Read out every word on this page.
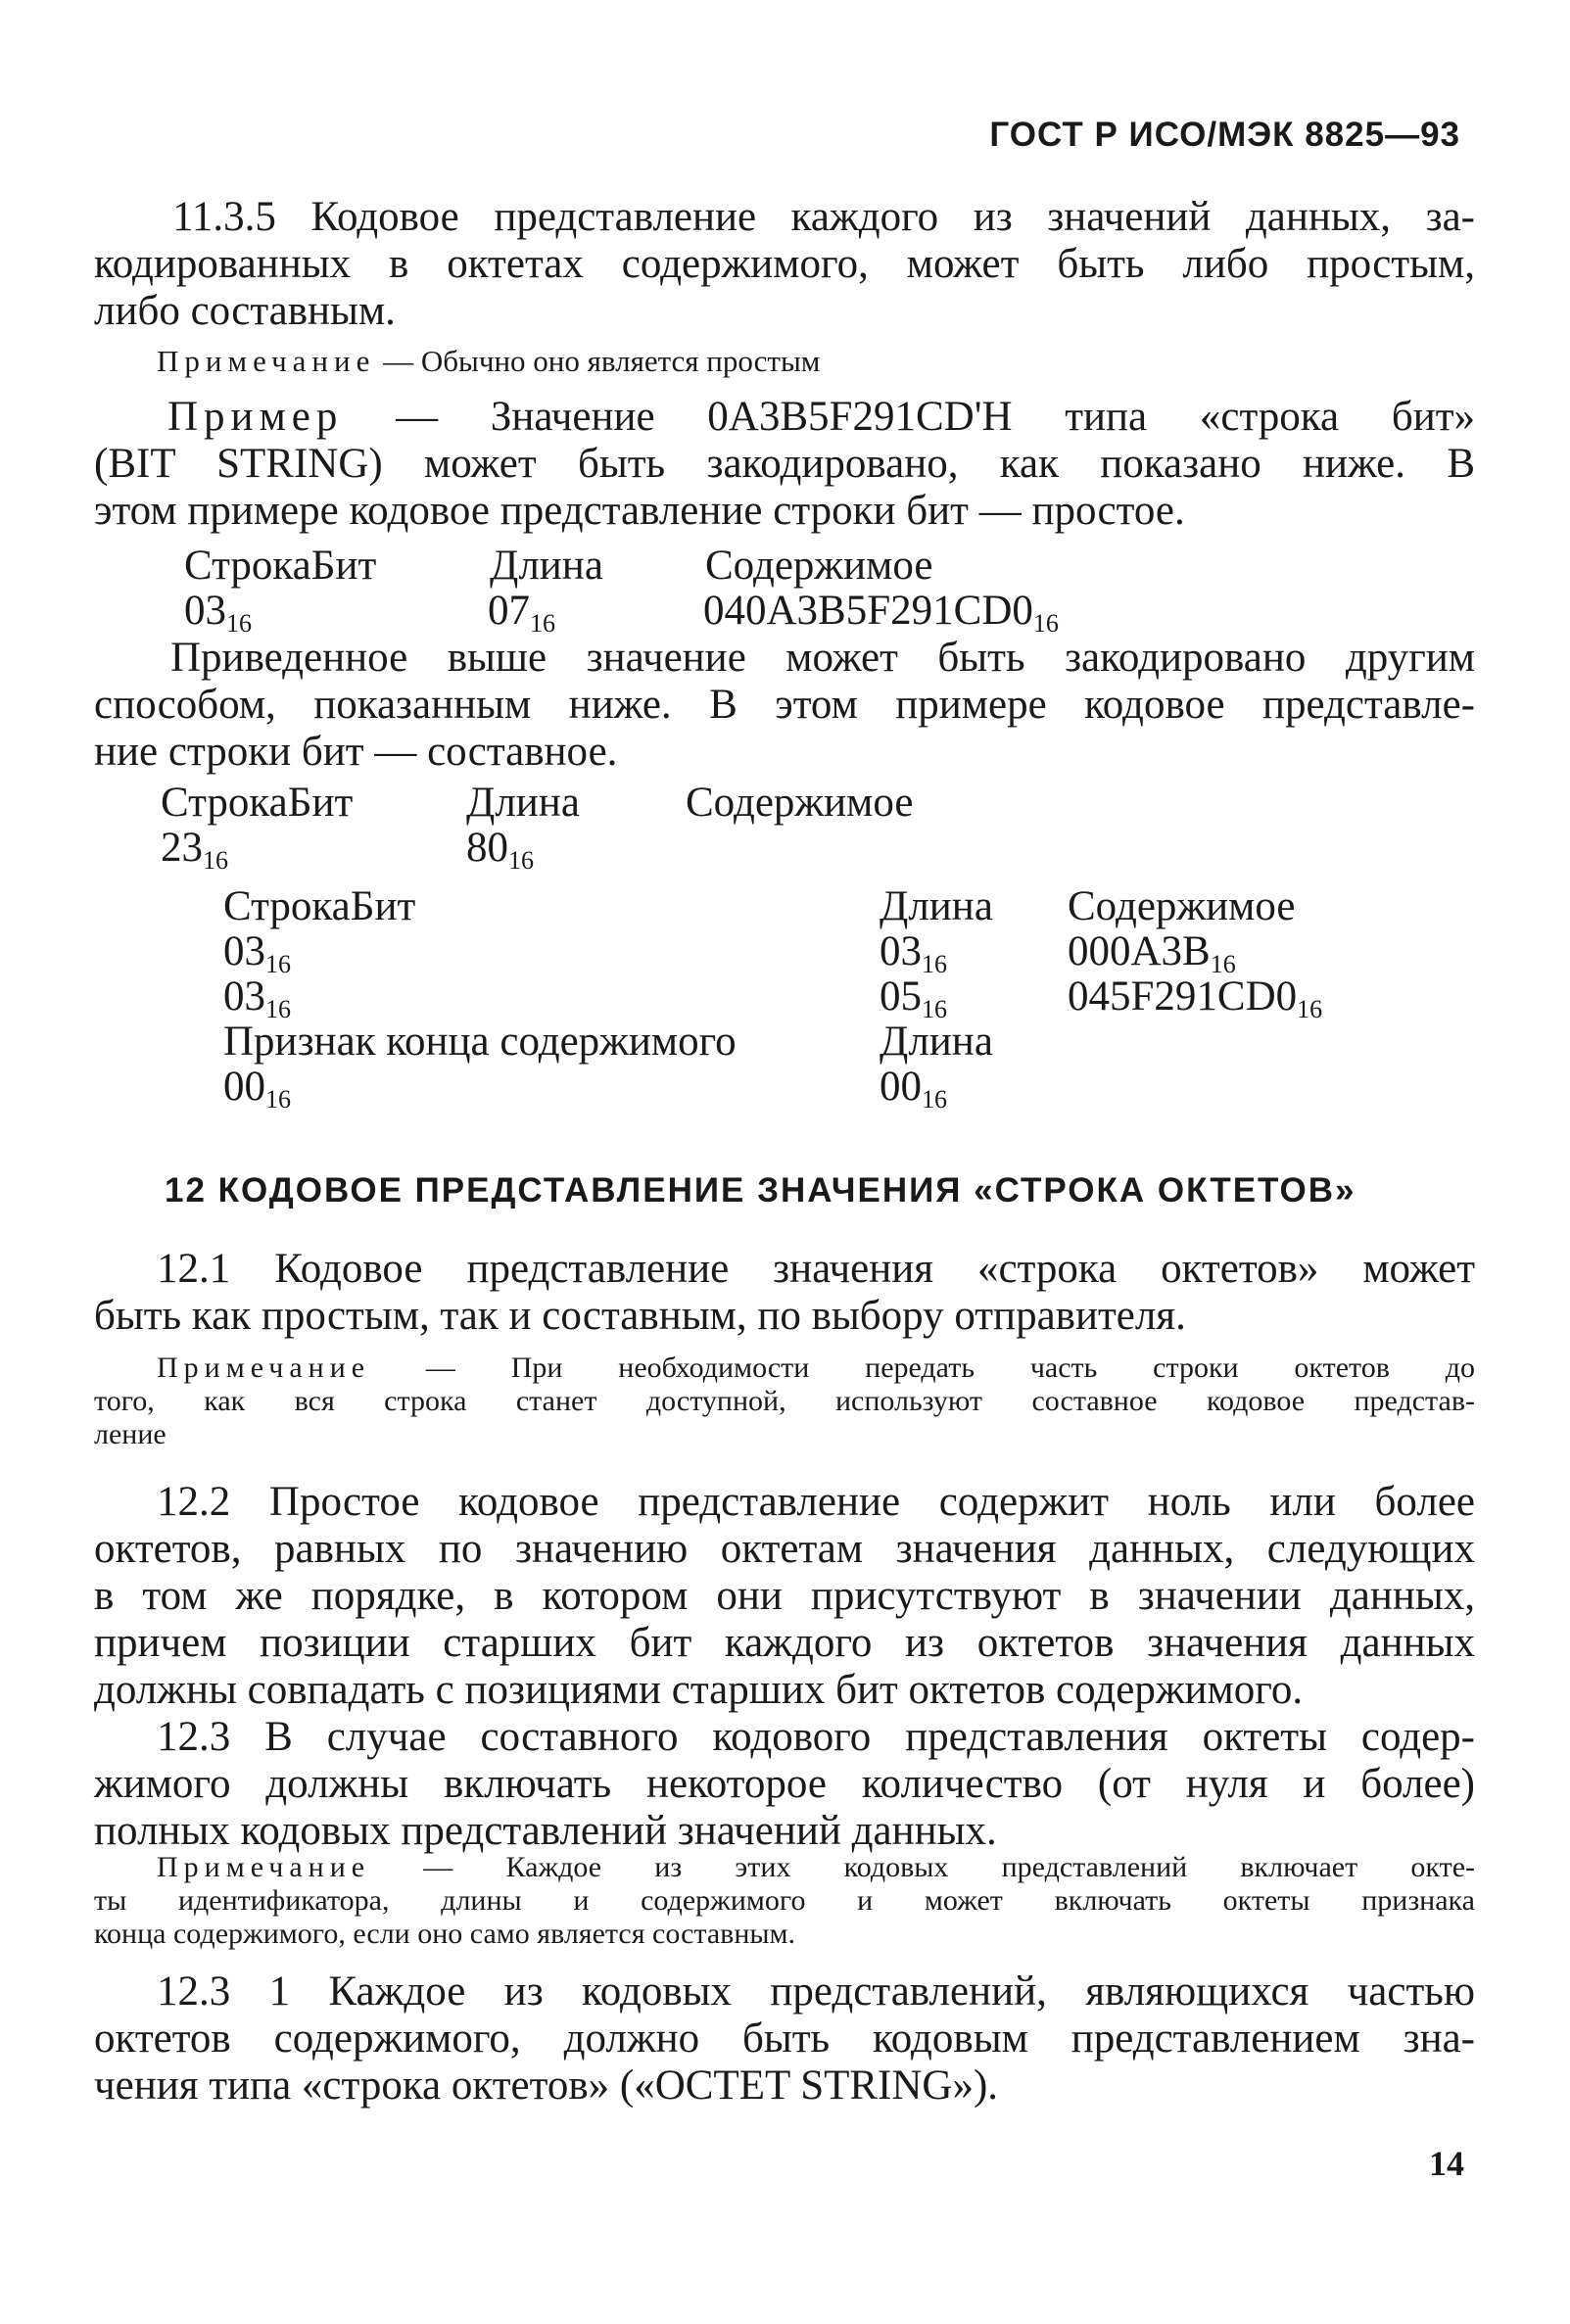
ГОСТ Р ИСО/МЭК 8825—93
11.3.5 Кодовое представление каждого из значений данных, за-
кодированных в октетах содержимого, может быть либо простым,
либо составным.
Примечание — Обычно оно является простым
Пример — Значение 0A3B5F291CD'H типа «строка бит»
(BIT STRING) может быть закодировано, как показано ниже. В
этом примере кодовое представление строки бит — простое.
СтрокаБит	Длина Содержимое
$03_{16}$	$07_{16}$	$040A3B5F291CD0_{16}$
Приведенное выше значение может быть закодировано другим
способом, показанным ниже. В этом примере кодовое представле-
ние строки бит — составное.
СтрокаБит	Длина	Содержимое
$23_{16}$	$80_{16}$
СтрокаБит	Длина Содержимое
$03_{16}$	$03_{16}$	$000A3B_{16}$
$03_{16}$	$05_{16}$	$045F291CD0_{16}$
Признак конца содержимого	Длина
$00_{16}$	$00_{16}$
12 КОДОВОЕ ПРЕДСТАВЛЕНИЕ ЗНАЧЕНИЯ «СТРОКА ОКТЕТОВ»
12.1 Кодовое представление значения «строка октетов» может
быть как простым, так и составным, по выбору отправителя.
Примечание — При необходимости передать часть строки октетов до
того, как вся строка станет доступной, используют составное кодовое представ-
ление
12.2 Простое кодовое представление содержит ноль или более
октетов, равных по значению октетам значения данных, следующих
в том же порядке, в котором они присутствуют в значении данных,
причем позиции старших бит каждого из октетов значения данных
должны совпадать с позициями старших бит октетов содержимого.
12.3 В случае составного кодового представления октеты содер-
жимого должны включать некоторое количество (от нуля и более)
полных кодовых представлений значений данных.
Примечание — Каждое из этих кодовых представлений включает окте-
ты идентификатора, длины и содержимого и может включать октеты признака
конца содержимого, если оно само является составным.
12.3 1 Каждое из кодовых представлений, являющихся частью
октетов содержимого, должно быть кодовым представлением зна-
чения типа «строка октетов» («OCTET STRING»).
14
